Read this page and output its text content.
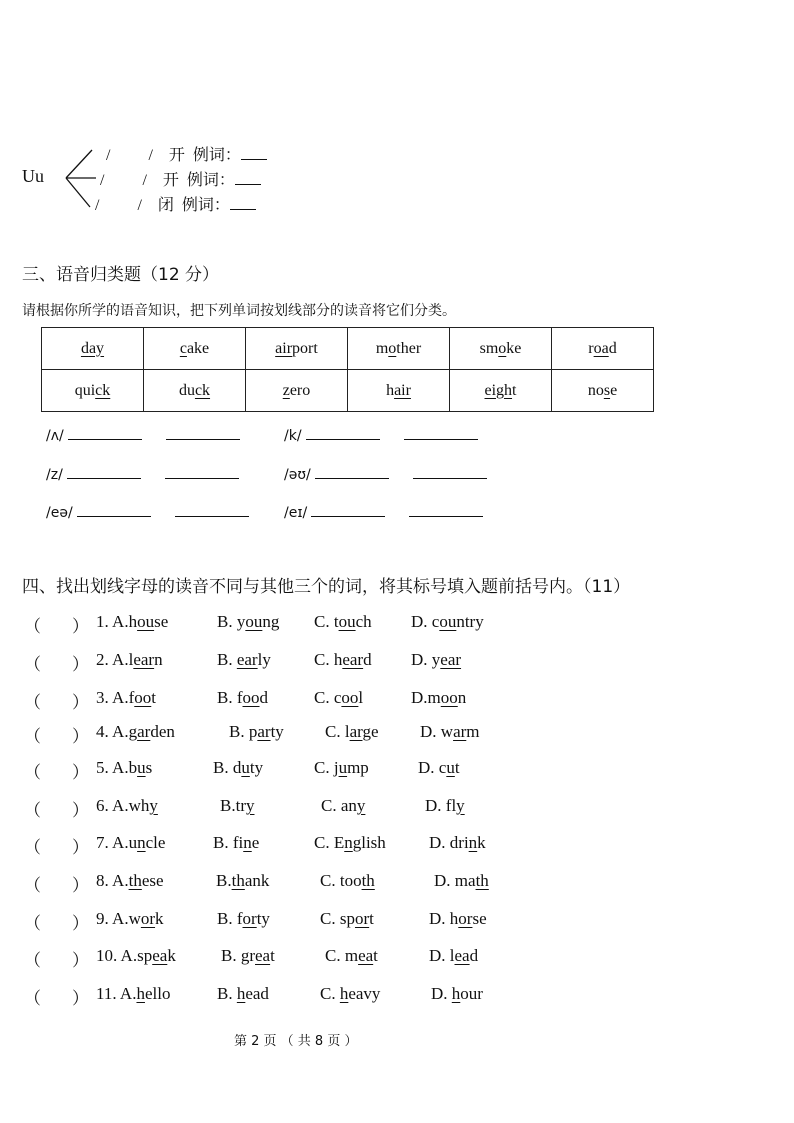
Uu
/ / 开 例词：
/ / 开 例词：
/ / 闭 例词：
三、语音归类题（12 分）
请根据你所学的语音知识，把下列单词按划线部分的读音将它们分类。
day	cake	airport	mother	smoke	road
quick	duck	zero	hair	eight	nose
/ʌ/	/k/
/z/	/əʊ/
/eə/	/eɪ/
四、找出划线字母的读音不同与其他三个的词，将其标号填入题前括号内。（11）
（ ） 1. A.house	B. young C. touch D. country
（ ） 2. A.learn	B. early	C. heard D. year
（ ） 3. A.foot	B. food	C. cool	D.moon
（ ） 4. A.garden	B. party C. large D. warm
（ ） 5. A.bus	B. duty	C. jump	D. cut
（ ） 6. A.why	B.try	C. any	D. fly
（ ） 7. A.uncle	B. fine	C. English	D. drink
（ ） 8. A.these	B.thank	C. tooth	D. math
（ ） 9. A.work	B. forty	C. sport	D. horse
（ ） 10. A.speak	B. great	C. meat	D. lead
（ ） 11. A.hello	B. head	C. heavy	D. hour
第 2 页 （ 共 8 页 ）
